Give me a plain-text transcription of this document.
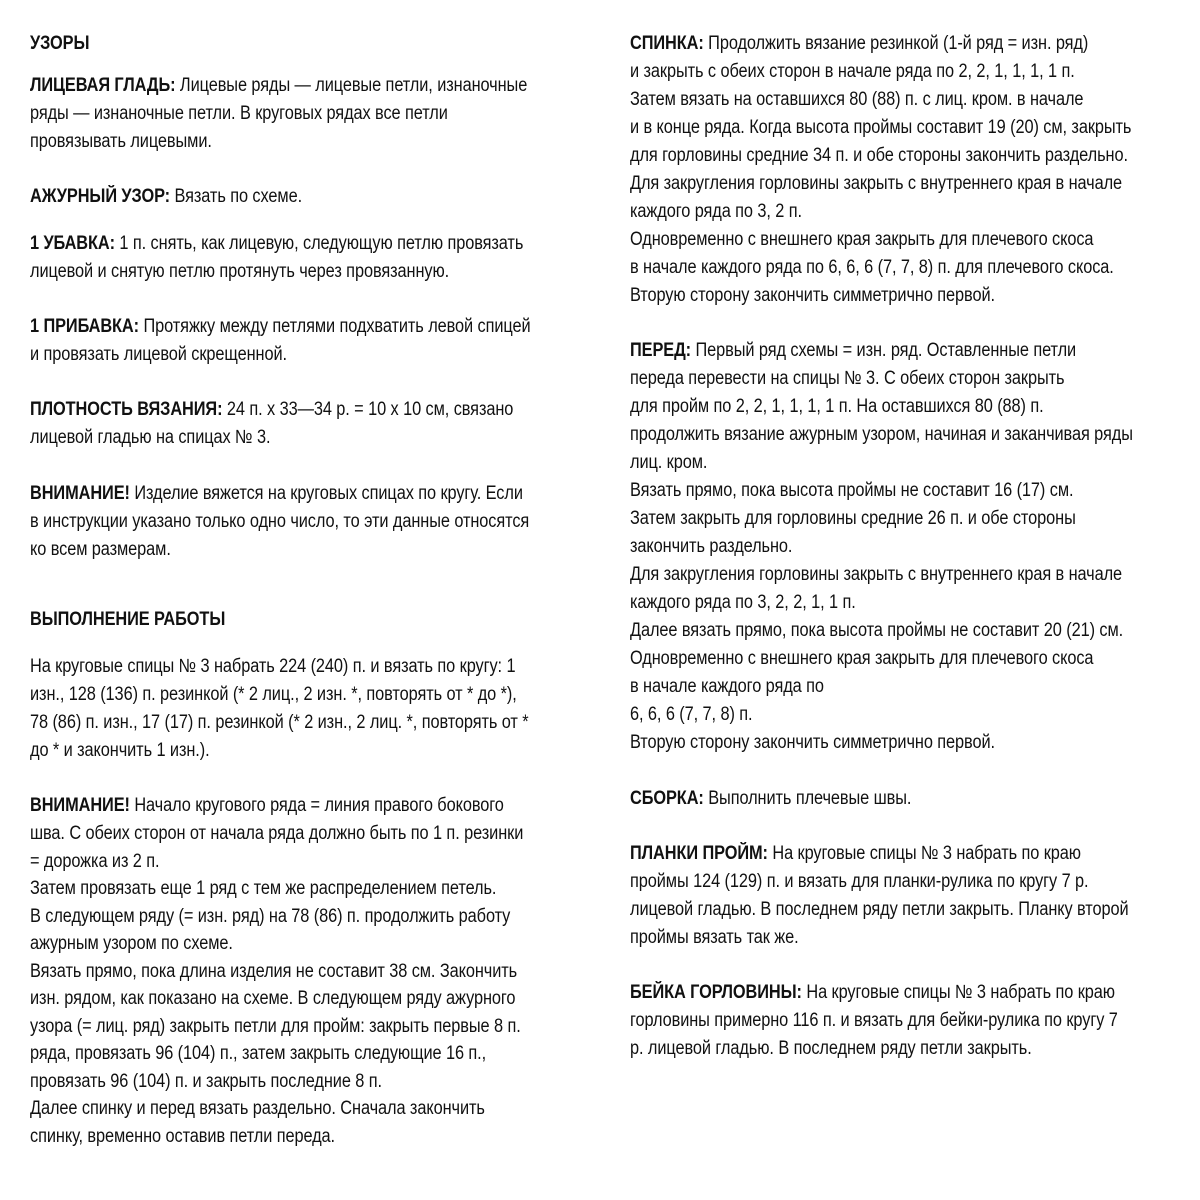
УЗОРЫ
ЛИЦЕВАЯ ГЛАДЬ: Лицевые ряды — лицевые петли, изнаночные
ряды — изнаночные петли. В круговых рядах все петли
провязывать лицевыми.
АЖУРНЫЙ УЗОР: Вязать по схеме.
1 УБАВКА: 1 п. снять, как лицевую, следующую петлю провязать
лицевой и снятую петлю протянуть через провязанную.
1 ПРИБАВКА: Протяжку между петлями подхватить левой спицей
и провязать лицевой скрещенной.
ПЛОТНОСТЬ ВЯЗАНИЯ: 24 п. х 33—34 р. = 10 х 10 см, связано
лицевой гладью на спицах № 3.
ВНИМАНИЕ! Изделие вяжется на круговых спицах по кругу. Если
в инструкции указано только одно число, то эти данные относятся
ко всем размерам.
ВЫПОЛНЕНИЕ РАБОТЫ
На круговые спицы № 3 набрать 224 (240) п. и вязать по кругу: 1
изн., 128 (136) п. резинкой (* 2 лиц., 2 изн. *, повторять от * до *),
78 (86) п. изн., 17 (17) п. резинкой (* 2 изн., 2 лиц. *, повторять от *
до * и закончить 1 изн.).
ВНИМАНИЕ! Начало кругового ряда = линия правого бокового
шва. С обеих сторон от начала ряда должно быть по 1 п. резинки
= дорожка из 2 п.
Затем провязать еще 1 ряд с тем же распределением петель.
В следующем ряду (= изн. ряд) на 78 (86) п. продолжить работу
ажурным узором по схеме.
Вязать прямо, пока длина изделия не составит 38 см. Закончить
изн. рядом, как показано на схеме. В следующем ряду ажурного
узора (= лиц. ряд) закрыть петли для пройм: закрыть первые 8 п.
ряда, провязать 96 (104) п., затем закрыть следующие 16 п.,
провязать 96 (104) п. и закрыть последние 8 п.
Далее спинку и перед вязать раздельно. Сначала закончить
спинку, временно оставив петли переда.
СПИНКА: Продолжить вязание резинкой (1-й ряд = изн. ряд)
и закрыть с обеих сторон в начале ряда по 2, 2, 1, 1, 1, 1 п.
Затем вязать на оставшихся 80 (88) п. с лиц. кром. в начале
и в конце ряда. Когда высота проймы составит 19 (20) см, закрыть
для горловины средние 34 п. и обе стороны закончить раздельно.
Для закругления горловины закрыть с внутреннего края в начале
каждого ряда по 3, 2 п.
Одновременно с внешнего края закрыть для плечевого скоса
в начале каждого ряда по 6, 6, 6 (7, 7, 8) п. для плечевого скоса.
Вторую сторону закончить симметрично первой.
ПЕРЕД: Первый ряд схемы = изн. ряд. Оставленные петли
переда перевести на спицы № 3. С обеих сторон закрыть
для пройм по 2, 2, 1, 1, 1, 1 п. На оставшихся 80 (88) п.
продолжить вязание ажурным узором, начиная и заканчивая ряды
лиц. кром.
Вязать прямо, пока высота проймы не составит 16 (17) см.
Затем закрыть для горловины средние 26 п. и обе стороны
закончить раздельно.
Для закругления горловины закрыть с внутреннего края в начале
каждого ряда по 3, 2, 2, 1, 1 п.
Далее вязать прямо, пока высота проймы не составит 20 (21) см.
Одновременно с внешнего края закрыть для плечевого скоса
в начале каждого ряда по
6, 6, 6 (7, 7, 8) п.
Вторую сторону закончить симметрично первой.
СБОРКА: Выполнить плечевые швы.
ПЛАНКИ ПРОЙМ: На круговые спицы № 3 набрать по краю
проймы 124 (129) п. и вязать для планки-рулика по кругу 7 р.
лицевой гладью. В последнем ряду петли закрыть. Планку второй
проймы вязать так же.
БЕЙКА ГОРЛОВИНЫ: На круговые спицы № 3 набрать по краю
горловины примерно 116 п. и вязать для бейки-рулика по кругу 7
р. лицевой гладью. В последнем ряду петли закрыть.
